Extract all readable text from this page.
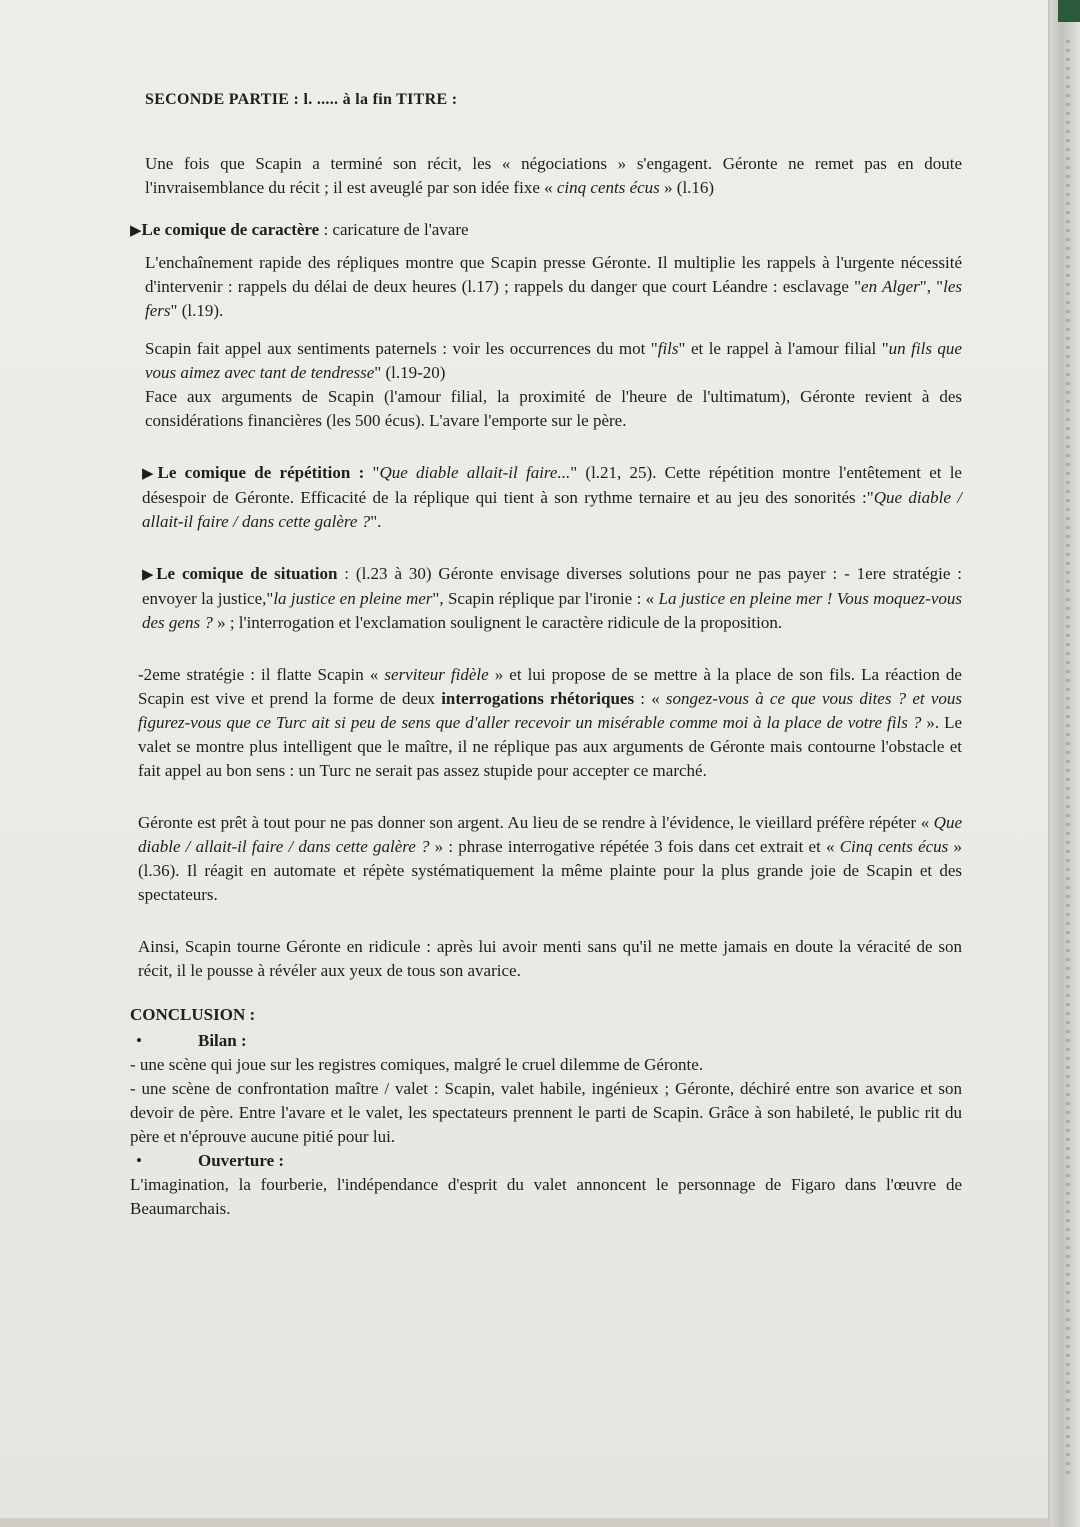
SECONDE PARTIE : l. ..... à la fin TITRE :

Une fois que Scapin a terminé son récit, les « négociations » s'engagent. Géronte ne remet pas en doute l'invraisemblance du récit ; il est aveuglé par son idée fixe « cinq cents écus » (l.16)

▶Le comique de caractère : caricature de l'avare

L'enchaînement rapide des répliques montre que Scapin presse Géronte. Il multiplie les rappels à l'urgente nécessité d'intervenir : rappels du délai de deux heures (l.17) ; rappels du danger que court Léandre : esclavage "en Alger", "les fers" (l.19).

Scapin fait appel aux sentiments paternels : voir les occurrences du mot "fils" et le rappel à l'amour filial "un fils que vous aimez avec tant de tendresse" (l.19-20)

Face aux arguments de Scapin (l'amour filial, la proximité de l'heure de l'ultimatum), Géronte revient à des considérations financières (les 500 écus). L'avare l'emporte sur le père.

▶Le comique de répétition : "Que diable allait-il faire..." (l.21, 25). Cette répétition montre l'entêtement et le désespoir de Géronte. Efficacité de la réplique qui tient à son rythme ternaire et au jeu des sonorités :"Que diable / allait-il faire / dans cette galère ?".

▶Le comique de situation : (l.23 à 30) Géronte envisage diverses solutions pour ne pas payer : - 1ere stratégie : envoyer la justice,"la justice en pleine mer", Scapin réplique par l'ironie : « La justice en pleine mer ! Vous moquez-vous des gens ? » ; l'interrogation et l'exclamation soulignent le caractère ridicule de la proposition.

-2eme stratégie : il flatte Scapin « serviteur fidèle » et lui propose de se mettre à la place de son fils. La réaction de Scapin est vive et prend la forme de deux interrogations rhétoriques : « songez-vous à ce que vous dites ? et vous figurez-vous que ce Turc ait si peu de sens que d'aller recevoir un misérable comme moi à la place de votre fils ? ». Le valet se montre plus intelligent que le maître, il ne réplique pas aux arguments de Géronte mais contourne l'obstacle et fait appel au bon sens : un Turc ne serait pas assez stupide pour accepter ce marché.

Géronte est prêt à tout pour ne pas donner son argent. Au lieu de se rendre à l'évidence, le vieillard préfère répéter « Que diable / allait-il faire / dans cette galère ? » : phrase interrogative répétée 3 fois dans cet extrait et « Cinq cents écus » (l.36). Il réagit en automate et répète systématiquement la même plainte pour la plus grande joie de Scapin et des spectateurs.

Ainsi, Scapin tourne Géronte en ridicule : après lui avoir menti sans qu'il ne mette jamais en doute la véracité de son récit, il le pousse à révéler aux yeux de tous son avarice.

CONCLUSION :
•	Bilan :

- une scène qui joue sur les registres comiques, malgré le cruel dilemme de Géronte.

- une scène de confrontation maître / valet : Scapin, valet habile, ingénieux ; Géronte, déchiré entre son avarice et son devoir de père. Entre l'avare et le valet, les spectateurs prennent le parti de Scapin. Grâce à son habileté, le public rit du père et n'éprouve aucune pitié pour lui.

•	Ouverture :

L'imagination, la fourberie, l'indépendance d'esprit du valet annoncent le personnage de Figaro dans l'œuvre de Beaumarchais.
